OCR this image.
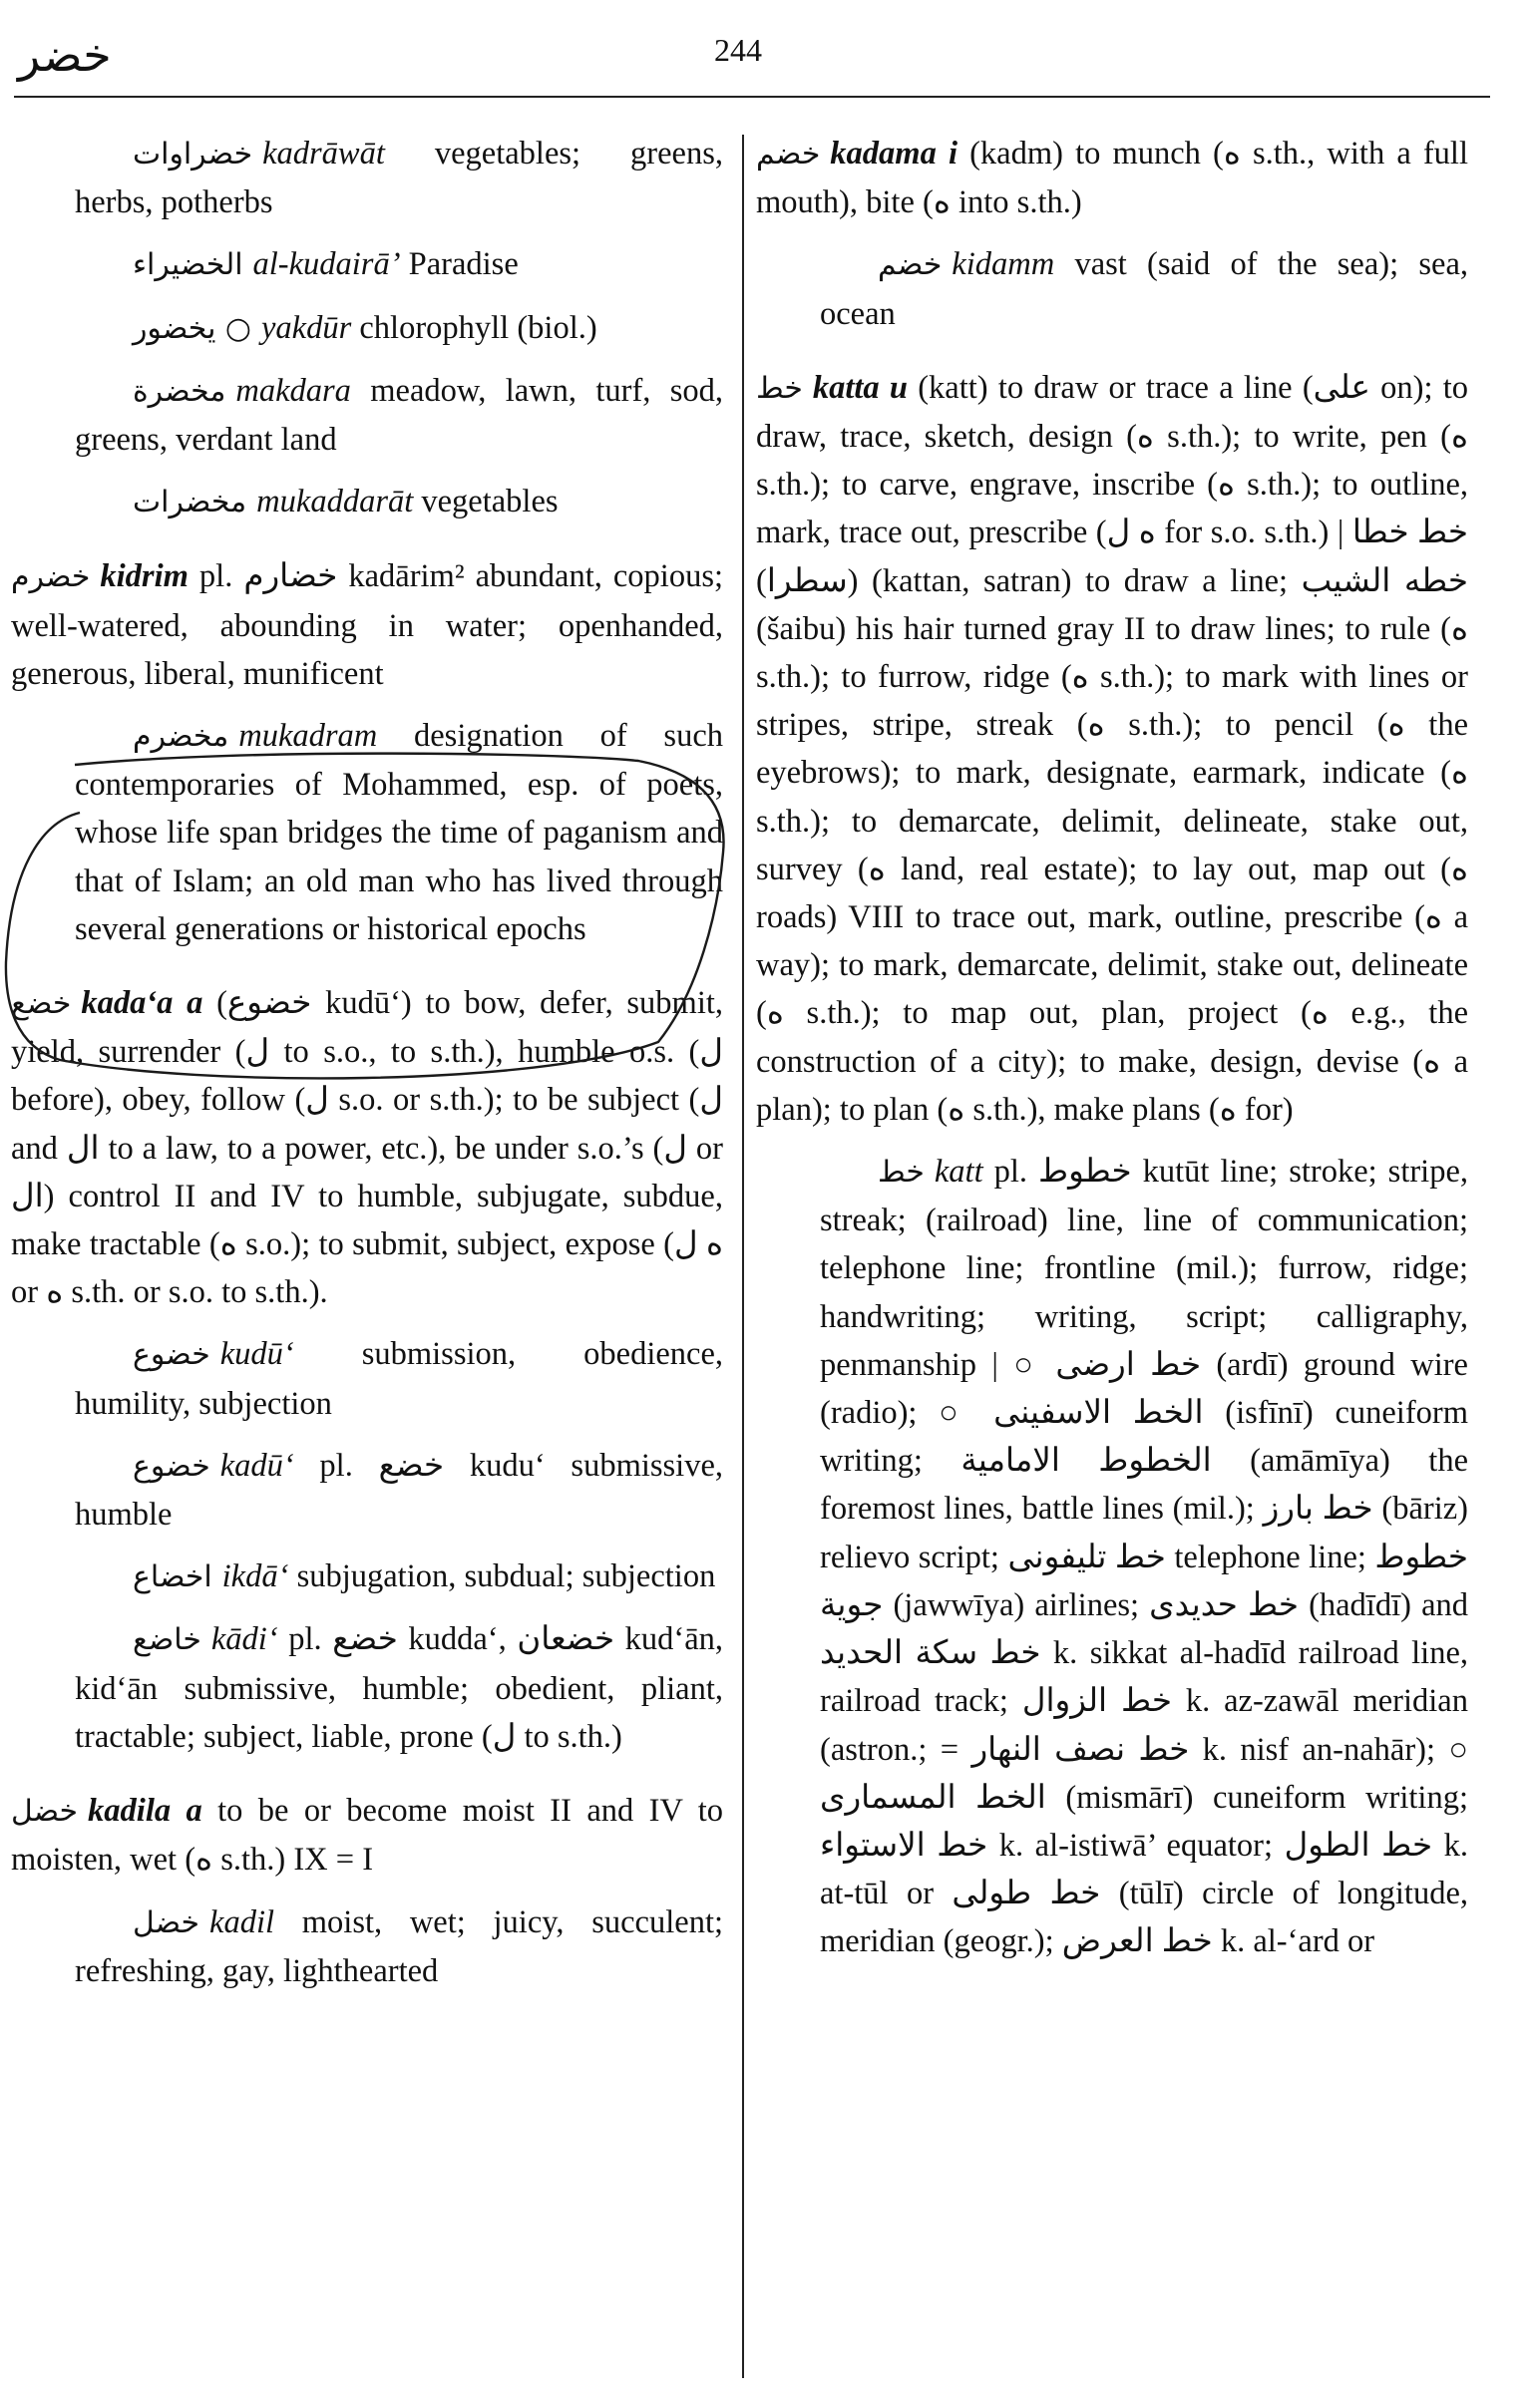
خضر	244

خضراوات kadrāwāt vegetables; greens, herbs, potherbs

الخضيراء al-kudairā’ Paradise

○ يخضور yakdūr chlorophyll (biol.)

مخضرة makdara meadow, lawn, turf, sod, greens, verdant land

مخضرات mukaddarāt vegetables

خضرم kidrim pl. خضارم kadārim² abundant, copious; well-watered, abounding in water; openhanded, generous, liberal, munificent

مخضرم mukadram designation of such contemporaries of Mohammed, esp. of poets, whose life span bridges the time of paganism and that of Islam; an old man who has lived through several generations or historical epochs

خضع kada‘a a (خضوع kudū‘) to bow, defer, submit, yield, surrender (ل to s.o., to s.th.), humble o.s. (ل before), obey, follow (ل s.o. or s.th.); to be subject (ل and ال to a law, to a power, etc.), be under s.o.’s (ل or ال) control II and IV to humble, subjugate, subdue, make tractable (ه s.o.); to submit, subject, expose (ه ل or ه s.th. or s.o. to s.th.).

خضوع kudū‘ submission, obedience, humility, subjection

خضوع kadū‘ pl. خضع kudu‘ submissive, humble

اخضاع ikdā‘ subjugation, subdual; subjection

خاضع kādi‘ pl. خضع kudda‘, خضعان kud‘ān, kid‘ān submissive, humble; obedient, pliant, tractable; subject, liable, prone (ل to s.th.)

خضل kadila a to be or become moist II and IV to moisten, wet (ه s.th.) IX = I

خضل kadil moist, wet; juicy, succulent; refreshing, gay, lighthearted

خضم kadama i (kadm) to munch (ه s.th., with a full mouth), bite (ه into s.th.)

خضم kidamm vast (said of the sea); sea, ocean

خط katta u (katt) to draw or trace a line (على on); to draw, trace, sketch, design (ه s.th.); to write, pen (ه s.th.); to carve, engrave, inscribe (ه s.th.); to outline, mark, trace out, prescribe (ه ل for s.o. s.th.) | خط خطا (سطرا) (kattan, satran) to draw a line; خطه الشيب (šaibu) his hair turned gray II to draw lines; to rule (ه s.th.); to furrow, ridge (ه s.th.); to mark with lines or stripes, stripe, streak (ه s.th.); to pencil (ه the eyebrows); to mark, designate, earmark, indicate (ه s.th.); to demarcate, delimit, delineate, stake out, survey (ه land, real estate); to lay out, map out (ه roads) VIII to trace out, mark, outline, prescribe (ه a way); to mark, demarcate, delimit, stake out, delineate (ه s.th.); to map out, plan, project (ه e.g., the construction of a city); to make, design, devise (ه a plan); to plan (ه s.th.), make plans (ه for)

خط katt pl. خطوط kutūt line; stroke; stripe, streak; (railroad) line, line of communication; telephone line; frontline (mil.); furrow, ridge; handwriting; writing, script; calligraphy, penmanship | ○ خط ارضى (ardī) ground wire (radio); ○ الخط الاسفينى (isfīnī) cuneiform writing; الخطوط الامامية (amāmīya) the foremost lines, battle lines (mil.); خط بارز (bāriz) relievo script; خط تليفونى telephone line; خطوط جوية (jawwīya) airlines; خط حديدى (hadīdī) and خط سكة الحديد k. sikkat al-hadīd railroad line, railroad track; خط الزوال k. az-zawāl meridian (astron.; = خط نصف النهار k. nisf an-nahār); ○ الخط المسمارى (mismārī) cuneiform writing; خط الاستواء k. al-istiwā’ equator; خط الطول k. at-tūl or خط طولى (tūlī) circle of longitude, meridian (geogr.); خط العرض k. al-‘ard or
